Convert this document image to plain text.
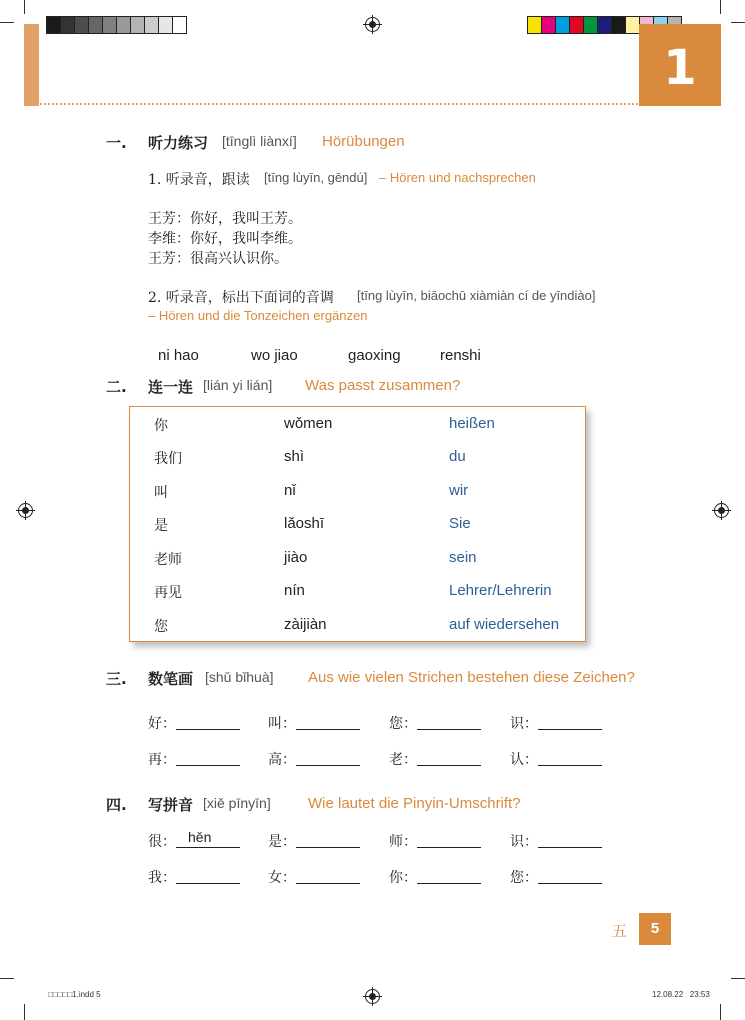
1
一. 听力练习 [tīnglì liànxí] Hörübungen
1. 听录音，跟读 [tīng lùyīn, gēndú] – Hören und nachsprechen
王芳：你好，我叫王芳。
李维：你好，我叫李维。
王芳：很高兴认识你。
2. 听录音，标出下面词的音调 [tīng lùyīn, biāochū xiàmiàn cí de yīndiào]
– Hören und die Tonzeichen ergänzen
ni hao	wo jiao	gaoxing	renshi
二. 连一连 [lián yi lián] Was passt zusammen?
你	wǒmen	heißen
我们	shì	du
叫	nǐ	wir
是	lǎoshī	Sie
老师	jiào	sein
再见	nín	Lehrer/Lehrerin
您	zàijiàn	auf wiedersehen
三. 数笔画 [shǔ bǐhuà] Aus wie vielen Strichen bestehen diese Zeichen?
好：	叫：	您：	识：
再：	高：	老：	认：
四. 写拼音 [xiě pīnyīn] Wie lautet die Pinyin-Umschrift?
很： hěn	是：	师：	识：
我：	女：	你：	您：
五	5
□□□□□1.indd 5	12.08.22   23:53
